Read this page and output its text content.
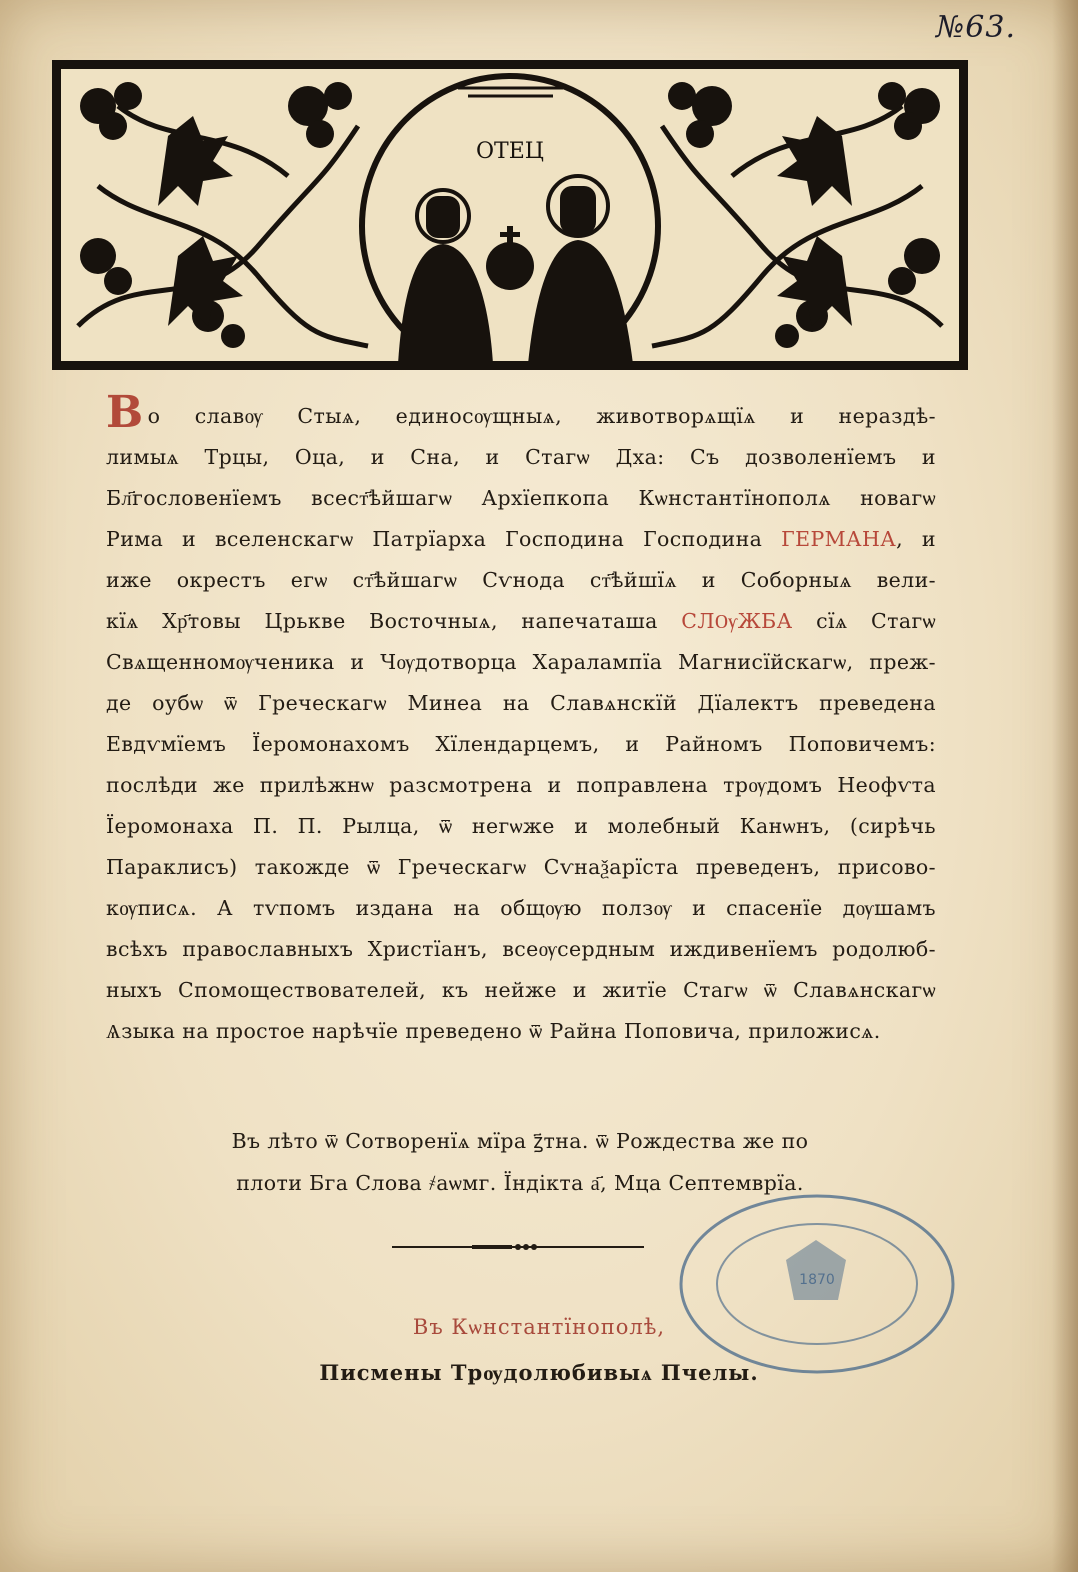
№63.
ОТЕЦ
Во славѹ Стыѧ, единосѹщныѧ, животворѧщїѧ и нераздѣ-
лимыѧ Трцы, Оца, и Сна, и Стагѡ Дха: Съ дозволенїемъ и
Бл҃гословенїемъ всест҃ѣйшагѡ Архїепкопа Кѡнстантїнополѧ новагѡ
Рима и вселенскагѡ Патрїарха Господина Господина ГЕРМАНА, и
иже окрестъ егѡ ст҃ѣйшагѡ Сѵнода ст҃ѣйшїѧ и Соборныѧ вели-
кїѧ Хр҃товы Црькве Восточныѧ, напечаташа СЛѸЖБА сїѧ Стагѡ
Свѧщенномѹченика и Чѹдотворца Харалампїа Магнисїйскагѡ, преж-
де оубѡ ѿ Греческагѡ Минеа на Славѧнскїй Дїалектъ преведена
Евдѵмїемъ Їеромонахомъ Хїлендарцемъ, и Райномъ Поповичемъ:
послѣди же прилѣжнѡ разсмотрена и поправлена трѹдомъ Неофѵта
Їеромонаха П. П. Рылца, ѿ негѡже и молебный Канѡнъ, (сирѣчь
Параклисъ) такожде ѿ Греческагѡ Сѵнаѯарїста преведенъ, присово-
кѹписѧ. А тѵпомъ издана на общѹю ползѹ и спасенїе дѹшамъ
всѣхъ православныхъ Христїанъ, всеѹсердным иждивенїемъ родолюб-
ныхъ Спомоществователей, къ нейже и житїе Стагѡ ѿ Славѧнскагѡ
Ѧзыка на простое нарѣчїе преведено ѿ Райна Поповича, приложисѧ.
Въ лѣто ѿ Сотворенїѧ мїра ꙁ҃тна. ѿ Рождества же по
плоти Бга Слова ҂аѡмг. Їндікта а҃, Мца Септемврїа.
Въ Кѡнстантїнополѣ,
Писмены Трѹдолюбивыѧ Пчелы.
1870
